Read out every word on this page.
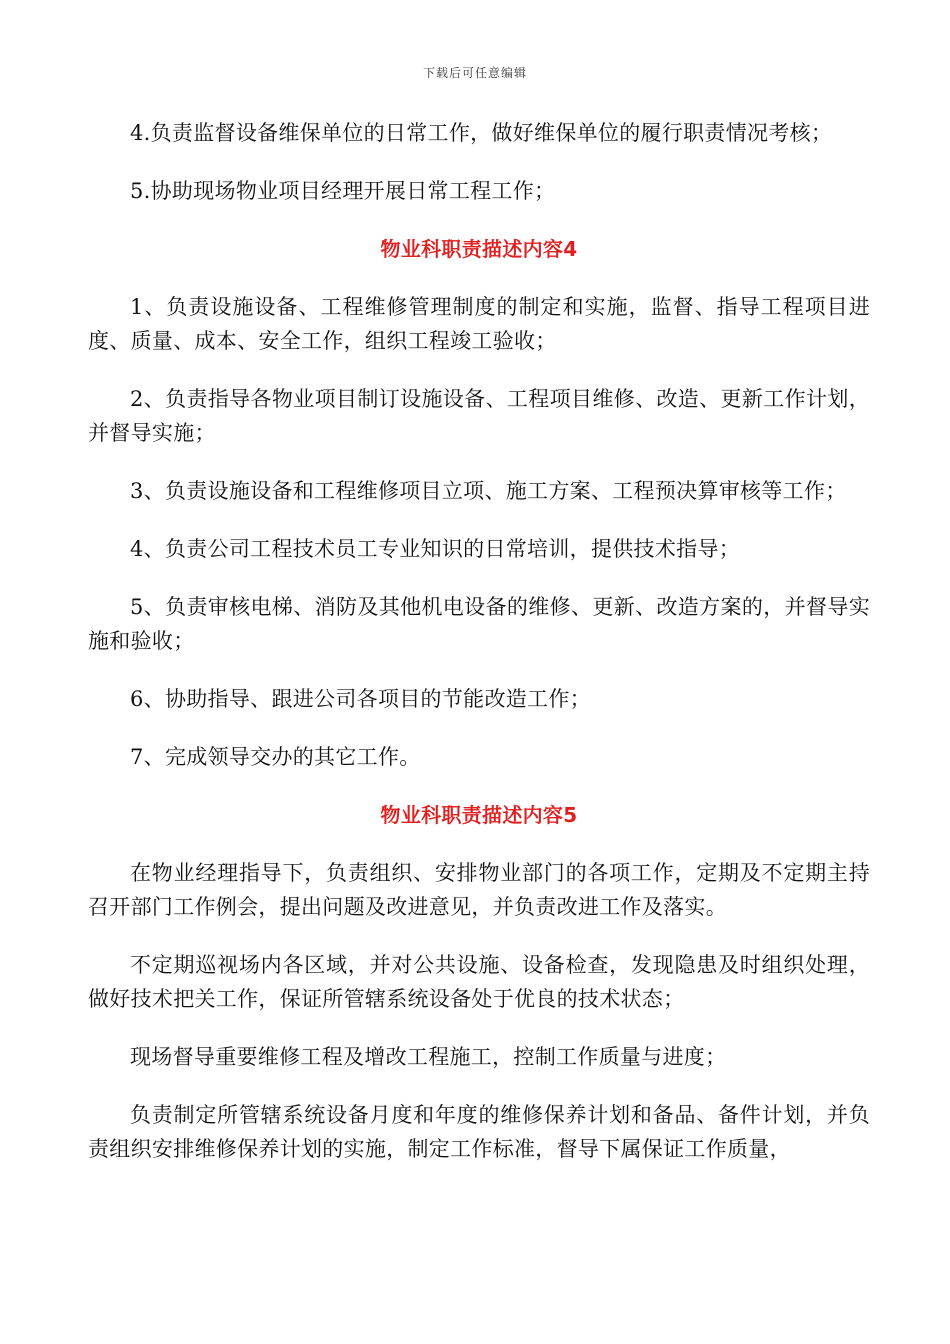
下载后可任意编辑

4.负责监督设备维保单位的日常工作，做好维保单位的履行职责情况考核；

5.协助现场物业项目经理开展日常工程工作；

物业科职责描述内容4

1、负责设施设备、工程维修管理制度的制定和实施，监督、指导工程项目进度、质量、成本、安全工作，组织工程竣工验收；

2、负责指导各物业项目制订设施设备、工程项目维修、改造、更新工作计划，并督导实施；

3、负责设施设备和工程维修项目立项、施工方案、工程预决算审核等工作；

4、负责公司工程技术员工专业知识的日常培训，提供技术指导；

5、负责审核电梯、消防及其他机电设备的维修、更新、改造方案的，并督导实施和验收；

6、协助指导、跟进公司各项目的节能改造工作；

7、完成领导交办的其它工作。

物业科职责描述内容5

在物业经理指导下，负责组织、安排物业部门的各项工作，定期及不定期主持召开部门工作例会，提出问题及改进意见，并负责改进工作及落实。

不定期巡视场内各区域，并对公共设施、设备检查，发现隐患及时组织处理，做好技术把关工作，保证所管辖系统设备处于优良的技术状态；

现场督导重要维修工程及增改工程施工，控制工作质量与进度；

负责制定所管辖系统设备月度和年度的维修保养计划和备品、备件计划，并负责组织安排维修保养计划的实施，制定工作标准，督导下属保证工作质量，
